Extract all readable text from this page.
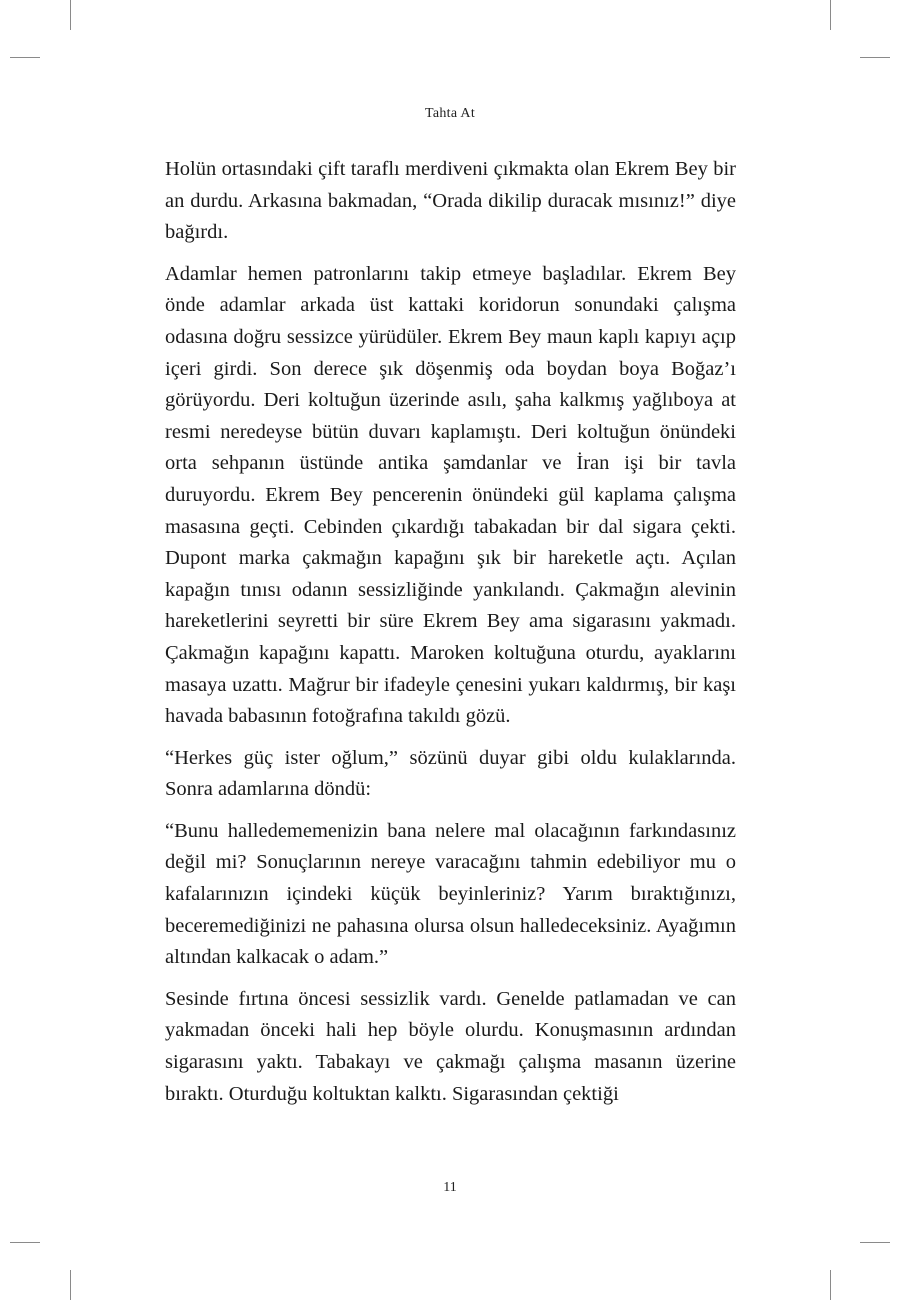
Tahta At

Holün ortasındaki çift taraflı merdiveni çıkmakta olan Ekrem Bey bir an durdu. Arkasına bakmadan, “Orada dikilip duracak mısınız!” diye bağırdı.

Adamlar hemen patronlarını takip etmeye başladılar. Ekrem Bey önde adamlar arkada üst kattaki koridorun sonundaki çalışma odasına doğru sessizce yürüdüler. Ekrem Bey maun kaplı kapıyı açıp içeri girdi. Son derece şık döşenmiş oda boydan boya Boğaz’ı görüyordu. Deri koltuğun üzerinde asılı, şaha kalkmış yağlıboya at resmi neredeyse bütün duvarı kaplamıştı. Deri koltuğun önündeki orta sehpanın üstünde antika şamdanlar ve İran işi bir tavla duruyordu. Ekrem Bey pencerenin önündeki gül kaplama çalışma masasına geçti. Cebinden çıkardığı tabakadan bir dal sigara çekti. Dupont marka çakmağın kapağını şık bir hareketle açtı. Açılan kapağın tınısı odanın sessizliğinde yankılandı. Çakmağın alevinin hareketlerini seyretti bir süre Ekrem Bey ama sigarasını yakmadı. Çakmağın kapağını kapattı. Maroken koltuğuna oturdu, ayaklarını masaya uzattı. Mağrur bir ifadeyle çenesini yukarı kaldırmış, bir kaşı havada babasının fotoğrafına takıldı gözü.

“Herkes güç ister oğlum,” sözünü duyar gibi oldu kulaklarında. Sonra adamlarına döndü:

“Bunu halledememenizin bana nelere mal olacağının farkındasınız değil mi? Sonuçlarının nereye varacağını tahmin edebiliyor mu o kafalarınızın içindeki küçük beyinleriniz? Yarım bıraktığınızı, beceremediğinizi ne pahasına olursa olsun halledeceksiniz. Ayağımın altından kalkacak o adam.”

Sesinde fırtına öncesi sessizlik vardı. Genelde patlamadan ve can yakmadan önceki hali hep böyle olurdu. Konuşmasının ardından sigarasını yaktı. Tabakayı ve çakmağı çalışma masanın üzerine bıraktı. Oturduğu koltuktan kalktı. Sigarasından çektiği

11
